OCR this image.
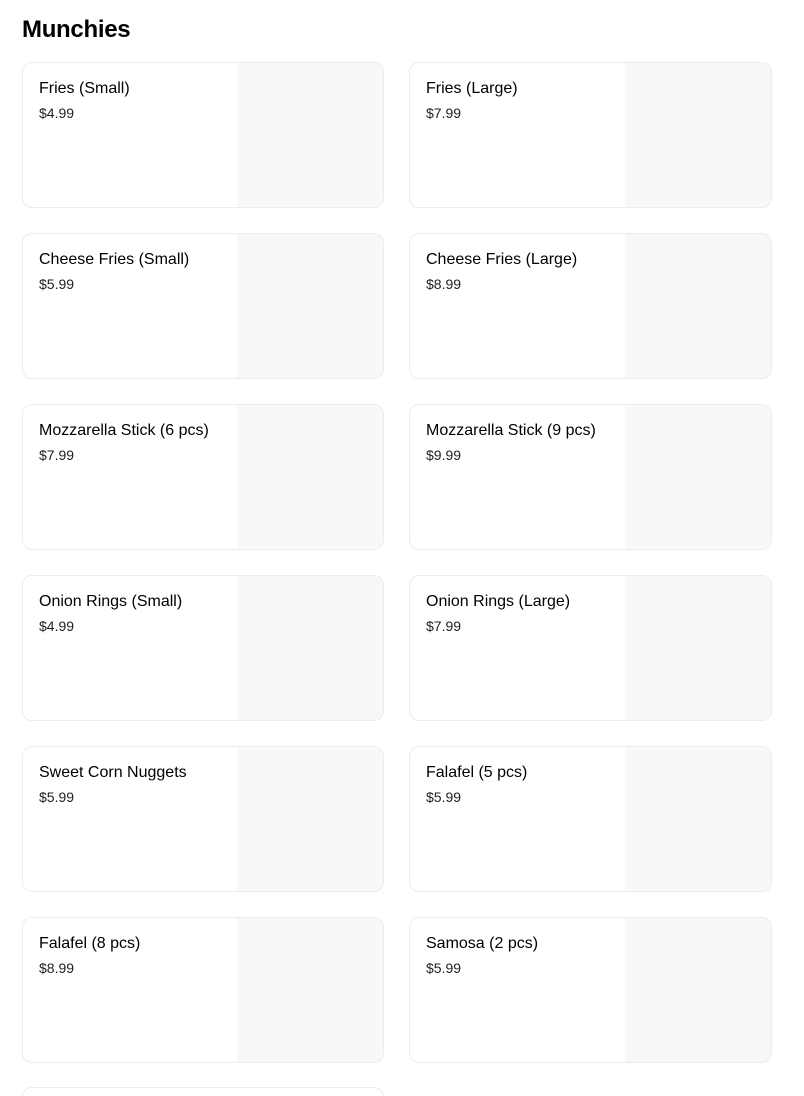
Munchies
Fries (Small)
$4.99
Fries (Large)
$7.99
Cheese Fries (Small)
$5.99
Cheese Fries (Large)
$8.99
Mozzarella Stick (6 pcs)
$7.99
Mozzarella Stick (9 pcs)
$9.99
Onion Rings (Small)
$4.99
Onion Rings (Large)
$7.99
Sweet Corn Nuggets
$5.99
Falafel (5 pcs)
$5.99
Falafel (8 pcs)
$8.99
Samosa (2 pcs)
$5.99
